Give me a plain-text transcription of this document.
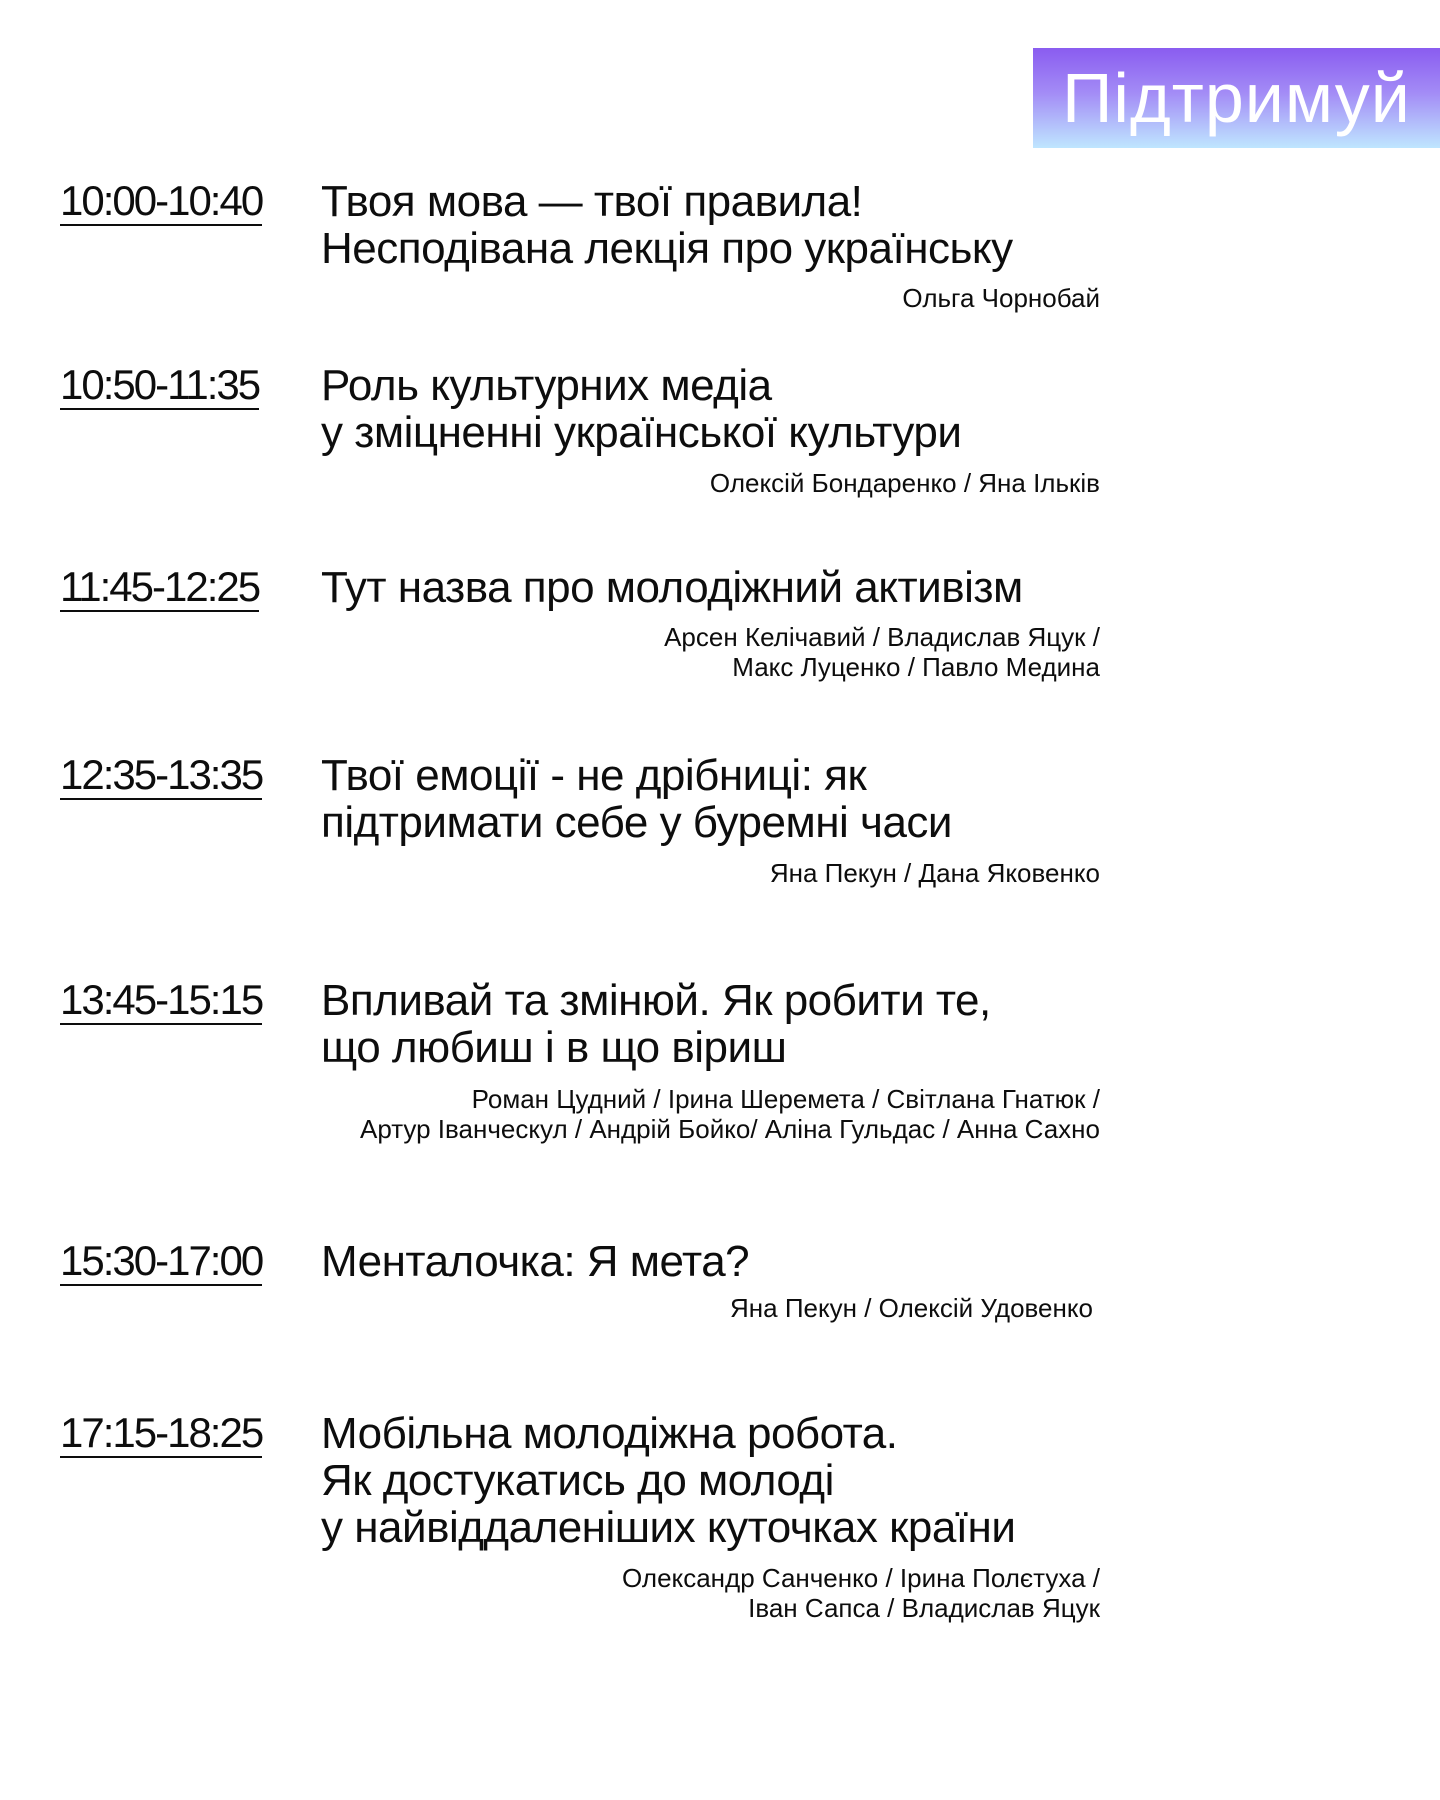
Підтримуй
10:00-10:40 Твоя мова — твої правила!
Несподівана лекція про українську
Ольга Чорнобай
10:50-11:35 Роль культурних медіа
у зміцненні української культури
Олексій Бондаренко / Яна Ільків
11:45-12:25 Тут назва про молодіжний активізм
Арсен Келічавий / Владислав Яцук /
Макс Луценко / Павло Медина
12:35-13:35 Твої емоції - не дрібниці: як
підтримати себе у буремні часи
Яна Пекун / Дана Яковенко
13:45-15:15 Впливай та змінюй. Як робити те,
що любиш і в що віриш
Роман Цудний / Ірина Шеремета / Світлана Гнатюк /
Артур Іванческул / Андрій Бойко/ Аліна Гульдас / Анна Сахно
15:30-17:00 Менталочка: Я мета?
Яна Пекун / Олексій Удовенко
17:15-18:25 Мобільна молодіжна робота.
Як достукатись до молоді
у найвіддаленіших куточках країни
Олександр Санченко / Ірина Полєтуха /
Іван Сапса / Владислав Яцук
